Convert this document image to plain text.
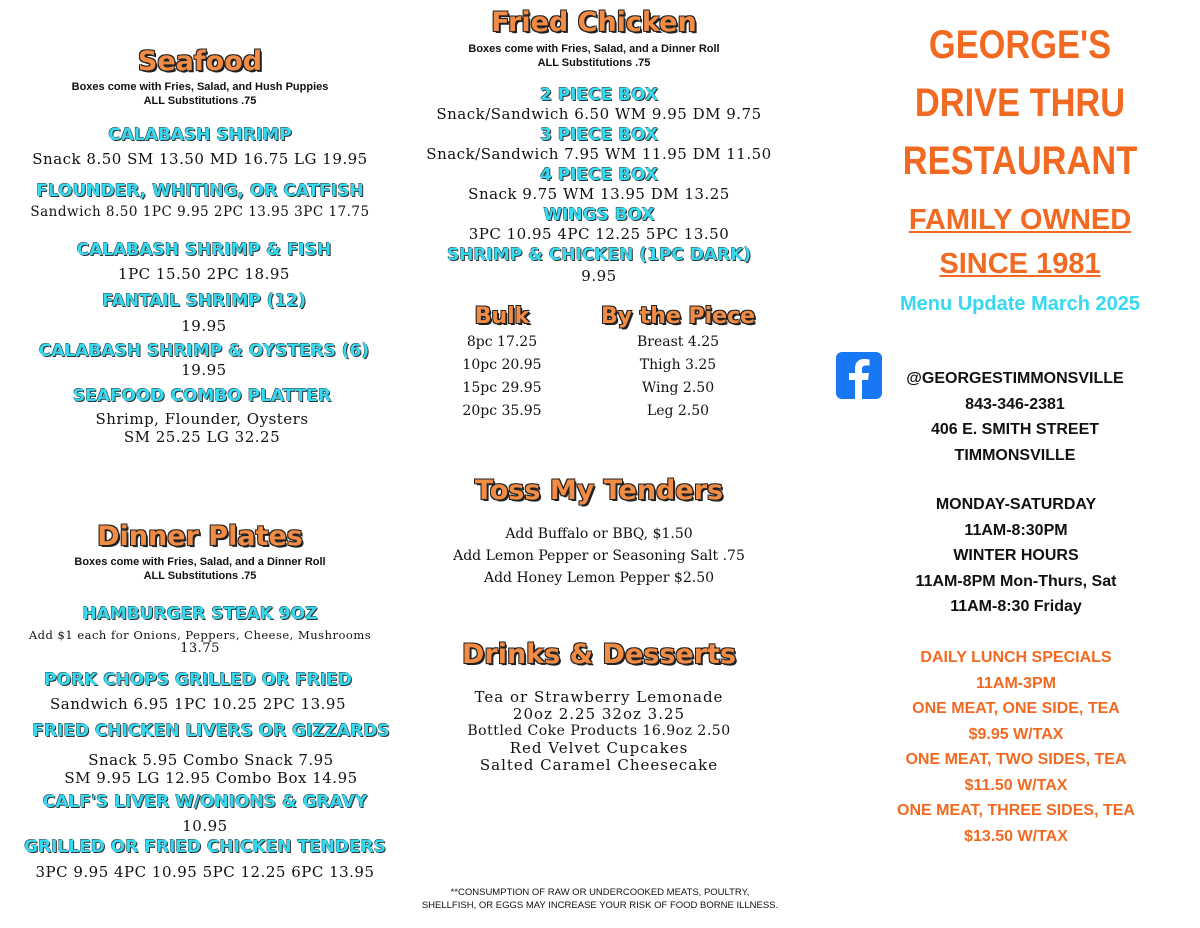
Seafood
Boxes come with Fries, Salad, and Hush Puppies
ALL Substitutions .75
CALABASH SHRIMP
Snack 8.50 SM 13.50 MD 16.75 LG 19.95
FLOUNDER, WHITING, OR CATFISH
Sandwich 8.50 1PC 9.95 2PC 13.95 3PC 17.75
CALABASH SHRIMP & FISH
1PC 15.50 2PC 18.95
FANTAIL SHRIMP (12)
19.95
CALABASH SHRIMP & OYSTERS (6)
19.95
SEAFOOD COMBO PLATTER
Shrimp, Flounder, Oysters
SM 25.25 LG 32.25
Dinner Plates
Boxes come with Fries, Salad, and a Dinner Roll
ALL Substitutions .75
HAMBURGER STEAK 9OZ
Add $1 each for Onions, Peppers, Cheese, Mushrooms
13.75
PORK CHOPS GRILLED OR FRIED
Sandwich 6.95 1PC 10.25 2PC 13.95
FRIED CHICKEN LIVERS OR GIZZARDS
Snack 5.95 Combo Snack 7.95
SM 9.95 LG 12.95 Combo Box 14.95
CALF'S LIVER W/ONIONS & GRAVY
10.95
GRILLED OR FRIED CHICKEN TENDERS
3PC 9.95 4PC 10.95 5PC 12.25 6PC 13.95
Fried Chicken
Boxes come with Fries, Salad, and a Dinner Roll
ALL Substitutions .75
2 PIECE BOX
Snack/Sandwich 6.50 WM 9.95 DM 9.75
3 PIECE BOX
Snack/Sandwich 7.95 WM 11.95 DM 11.50
4 PIECE BOX
Snack 9.75 WM 13.95 DM 13.25
WINGS BOX
3PC 10.95 4PC 12.25 5PC 13.50
SHRIMP & CHICKEN (1PC DARK)
9.95
Bulk
8pc 17.25
10pc 20.95
15pc 29.95
20pc 35.95
By the Piece
Breast 4.25
Thigh 3.25
Wing 2.50
Leg 2.50
Toss My Tenders
Add Buffalo or BBQ, $1.50
Add Lemon Pepper or Seasoning Salt .75
Add Honey Lemon Pepper $2.50
Drinks & Desserts
Tea or Strawberry Lemonade
20oz 2.25 32oz 3.25
Bottled Coke Products 16.9oz 2.50
Red Velvet Cupcakes
Salted Caramel Cheesecake
**CONSUMPTION OF RAW OR UNDERCOOKED MEATS, POULTRY,
SHELLFISH, OR EGGS MAY INCREASE YOUR RISK OF FOOD BORNE ILLNESS.
GEORGE'S
DRIVE THRU
RESTAURANT
FAMILY OWNED
SINCE 1981
Menu Update March 2025
@GEORGESTIMMONSVILLE
843-346-2381
406 E. SMITH STREET
TIMMONSVILLE
MONDAY-SATURDAY
11AM-8:30PM
WINTER HOURS
11AM-8PM Mon-Thurs, Sat
11AM-8:30 Friday
DAILY LUNCH SPECIALS
11AM-3PM
ONE MEAT, ONE SIDE, TEA
$9.95 W/TAX
ONE MEAT, TWO SIDES, TEA
$11.50 W/TAX
ONE MEAT, THREE SIDES, TEA
$13.50 W/TAX
